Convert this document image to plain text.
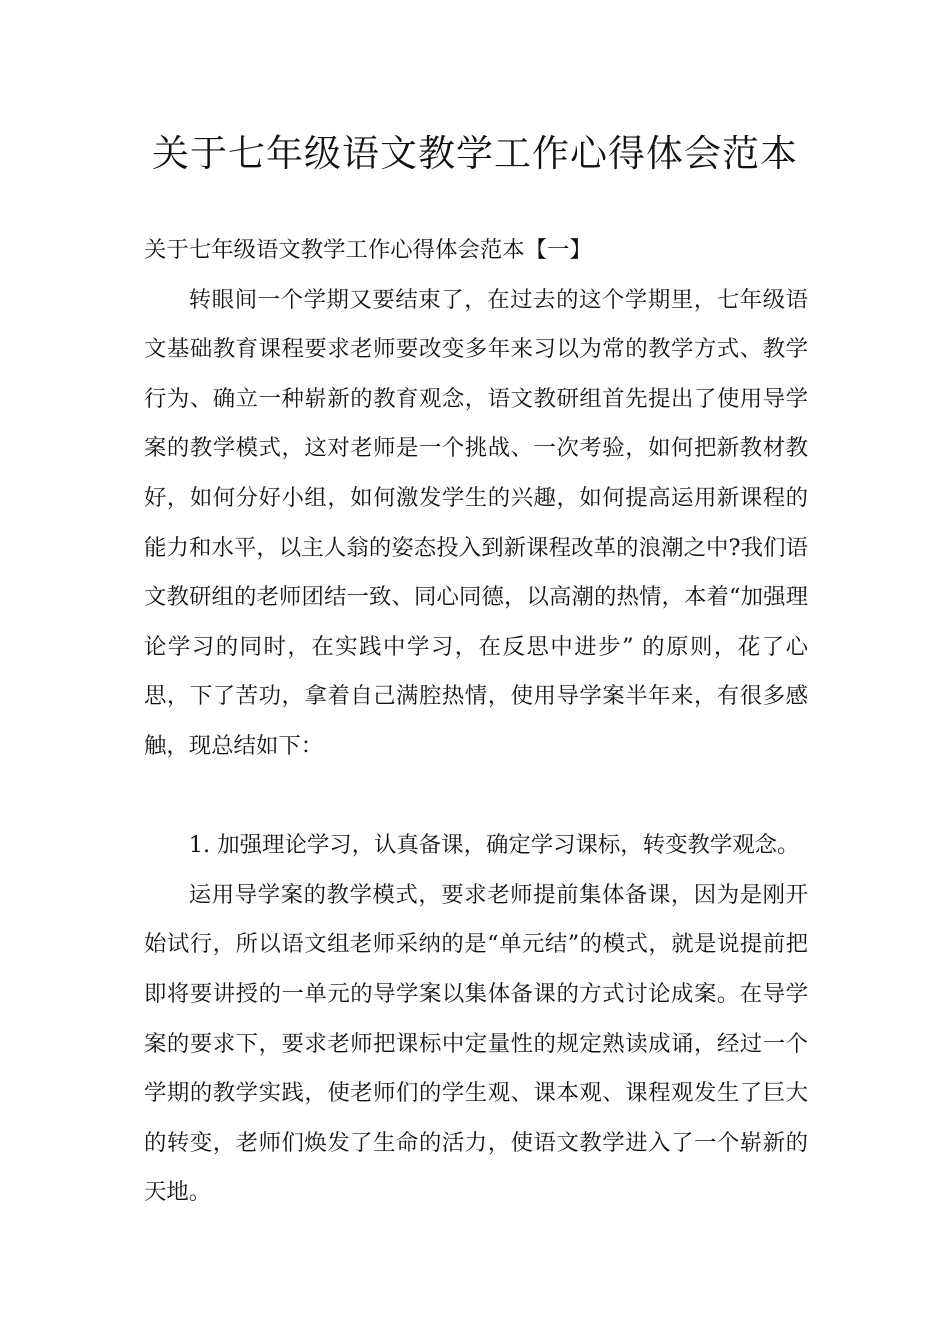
关于七年级语文教学工作心得体会范本

关于七年级语文教学工作心得体会范本【一】

转眼间一个学期又要结束了，在过去的这个学期里，七年级语文基础教育课程要求老师要改变多年来习以为常的教学方式、教学行为、确立一种崭新的教育观念，语文教研组首先提出了使用导学案的教学模式，这对老师是一个挑战、一次考验，如何把新教材教好，如何分好小组，如何激发学生的兴趣，如何提高运用新课程的能力和水平，以主人翁的姿态投入到新课程改革的浪潮之中?我们语文教研组的老师团结一致、同心同德，以高潮的热情，本着“加强理论学习的同时，在实践中学习，在反思中进步” 的原则，花了心思，下了苦功，拿着自己满腔热情，使用导学案半年来，有很多感触，现总结如下：

1. 加强理论学习，认真备课，确定学习课标，转变教学观念。

运用导学案的教学模式，要求老师提前集体备课，因为是刚开始试行，所以语文组老师采纳的是“单元结”的模式，就是说提前把即将要讲授的一单元的导学案以集体备课的方式讨论成案。在导学案的要求下，要求老师把课标中定量性的规定熟读成诵，经过一个学期的教学实践，使老师们的学生观、课本观、课程观发生了巨大的转变，老师们焕发了生命的活力，使语文教学进入了一个崭新的天地。
